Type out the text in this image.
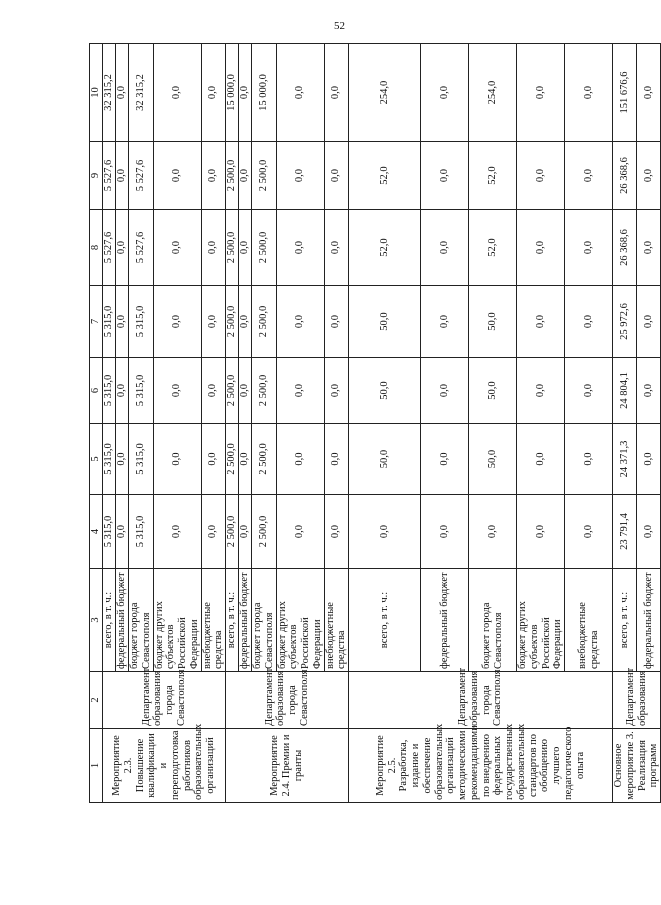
52
1	2	3	4	5	6	7	8	9	10
Мероприятие 2.3. Повышение квалификации и переподготовка работников образовательных организаций	Департамент образования города Севастополя	всего, в т. ч.:	5 315,0	5 315,0	5 315,0	5 315,0	5 527,6	5 527,6	32 315,2
		федеральный бюджет	0,0	0,0	0,0	0,0	0,0	0,0	0,0
		бюджет города Севастополя	5 315,0	5 315,0	5 315,0	5 315,0	5 527,6	5 527,6	32 315,2
		бюджет других субъектов Российской Федерации	0,0	0,0	0,0	0,0	0,0	0,0	0,0
		внебюджетные средства	0,0	0,0	0,0	0,0	0,0	0,0	0,0
Мероприятие 2.4. Премии и гранты	Департамент образования города Севастополя	всего, в т. ч.:	2 500,0	2 500,0	2 500,0	2 500,0	2 500,0	2 500,0	15 000,0
		федеральный бюджет	0,0	0,0	0,0	0,0	0,0	0,0	0,0
		бюджет города Севастополя	2 500,0	2 500,0	2 500,0	2 500,0	2 500,0	2 500,0	15 000,0
		бюджет других субъектов Российской Федерации	0,0	0,0	0,0	0,0	0,0	0,0	0,0
		внебюджетные средства	0,0	0,0	0,0	0,0	0,0	0,0	0,0
Мероприятие 2.5. Разработка, издание и обеспечение образовательных организаций методическими рекомендациями по внедрению федеральных государственных образовательных стандартов по обобщению лучшего педагогического опыта	Департамент образования города Севастополя	всего, в т. ч.:	0,0	50,0	50,0	50,0	52,0	52,0	254,0
		федеральный бюджет	0,0	0,0	0,0	0,0	0,0	0,0	0,0
		бюджет города Севастополя	0,0	50,0	50,0	50,0	52,0	52,0	254,0
		бюджет других субъектов Российской Федерации	0,0	0,0	0,0	0,0	0,0	0,0	0,0
		внебюджетные средства	0,0	0,0	0,0	0,0	0,0	0,0	0,0
Основное мероприятие 3. Реализация программ	Департамент образования	всего, в т. ч.:	23 791,4	24 371,3	24 804,1	25 972,6	26 368,6	26 368,6	151 676,6
		федеральный бюджет	0,0	0,0	0,0	0,0	0,0	0,0	0,0
